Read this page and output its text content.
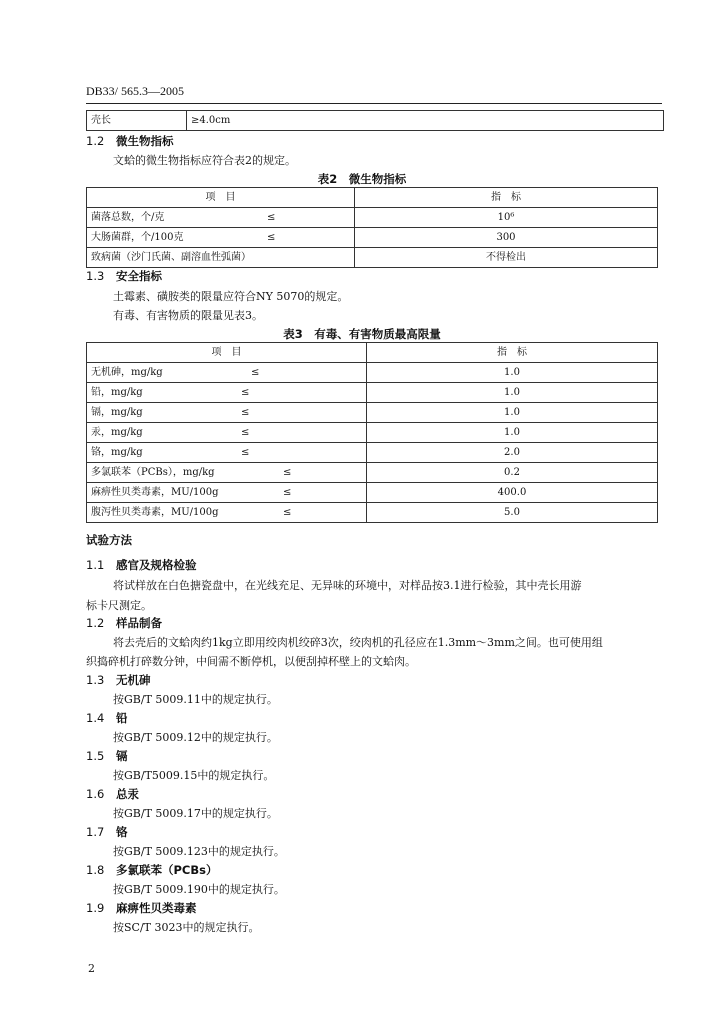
DB33/ 565.3—2005
壳长	≥4.0cm
1.2 微生物指标
文蛤的微生物指标应符合表2的规定。
表2　微生物指标
项　目	指　标

菌落总数，个/克 ≤	10⁶

大肠菌群，个/100克 ≤	300

致病菌（沙门氏菌、副溶血性弧菌）	不得检出
1.3 安全指标
土霉素、磺胺类的限量应符合NY 5070的规定。
有毒、有害物质的限量见表3。
表3　有毒、有害物质最高限量
项　目	指　标

无机砷，mg/kg ≤	1.0

铅，mg/kg ≤	1.0

镉，mg/kg ≤	1.0

汞，mg/kg ≤	1.0

铬，mg/kg ≤	2.0

多氯联苯（PCBs），mg/kg ≤	0.2

麻痹性贝类毒素，MU/100g ≤	400.0

腹泻性贝类毒素，MU/100g ≤	5.0
试验方法
1.1 感官及规格检验
将试样放在白色搪瓷盘中，在光线充足、无异味的环境中，对样品按3.1进行检验，其中壳长用游
标卡尺测定。
1.2 样品制备
将去壳后的文蛤肉约1kg立即用绞肉机绞碎3次，绞肉机的孔径应在1.3mm～3mm之间。也可使用组
织捣碎机打碎数分钟，中间需不断停机，以便刮掉杯壁上的文蛤肉。
1.3 无机砷
按GB/T 5009.11中的规定执行。
1.4 铅
按GB/T 5009.12中的规定执行。
1.5 镉
按GB/T5009.15中的规定执行。
1.6 总汞
按GB/T 5009.17中的规定执行。
1.7 铬
按GB/T 5009.123中的规定执行。
1.8 多氯联苯（PCBs）
按GB/T 5009.190中的规定执行。
1.9 麻痹性贝类毒素
按SC/T 3023中的规定执行。
2
